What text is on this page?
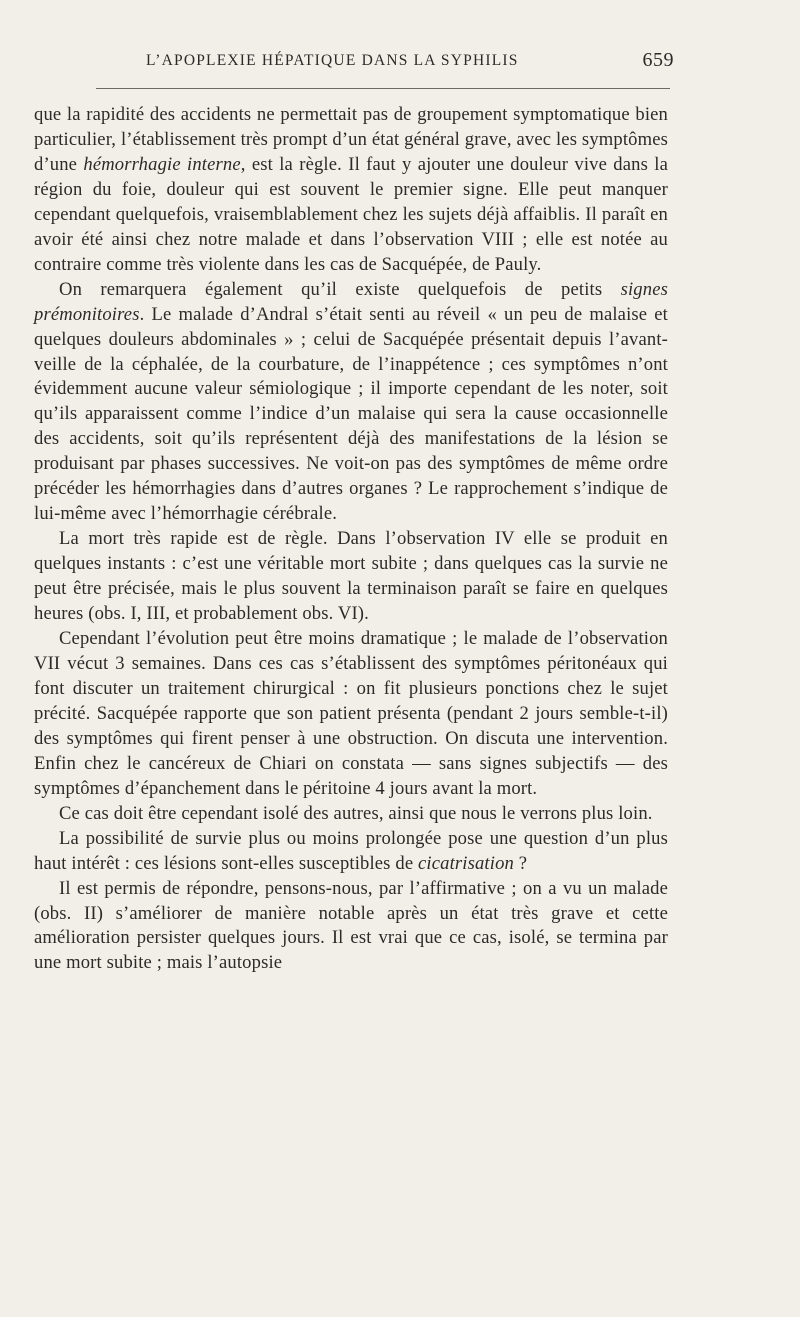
L’APOPLEXIE HÉPATIQUE DANS LA SYPHILIS	659

que la rapidité des accidents ne permettait pas de groupement symptomatique bien particulier, l’établissement très prompt d’un état général grave, avec les symptômes d’une hémorrhagie interne, est la règle. Il faut y ajouter une douleur vive dans la région du foie, douleur qui est souvent le premier signe. Elle peut manquer cependant quelquefois, vraisemblablement chez les sujets déjà affaiblis. Il paraît en avoir été ainsi chez notre malade et dans l’observation VIII ; elle est notée au contraire comme très violente dans les cas de Sacquépée, de Pauly.

On remarquera également qu’il existe quelquefois de petits signes prémonitoires. Le malade d’Andral s’était senti au réveil « un peu de malaise et quelques douleurs abdominales » ; celui de Sacquépée présentait depuis l’avant-veille de la céphalée, de la courbature, de l’inappétence ; ces symptômes n’ont évidemment aucune valeur sémiologique ; il importe cependant de les noter, soit qu’ils apparaissent comme l’indice d’un malaise qui sera la cause occasionnelle des accidents, soit qu’ils représentent déjà des manifestations de la lésion se produisant par phases successives. Ne voit-on pas des symptômes de même ordre précéder les hémorrhagies dans d’autres organes ? Le rapprochement s’indique de lui-même avec l’hémorrhagie cérébrale.

La mort très rapide est de règle. Dans l’observation IV elle se produit en quelques instants : c’est une véritable mort subite ; dans quelques cas la survie ne peut être précisée, mais le plus souvent la terminaison paraît se faire en quelques heures (obs. I, III, et probablement obs. VI).

Cependant l’évolution peut être moins dramatique ; le malade de l’observation VII vécut 3 semaines. Dans ces cas s’établissent des symptômes péritonéaux qui font discuter un traitement chirurgical : on fit plusieurs ponctions chez le sujet précité. Sacquépée rapporte que son patient présenta (pendant 2 jours semble-t-il) des symptômes qui firent penser à une obstruction. On discuta une intervention. Enfin chez le cancéreux de Chiari on constata — sans signes subjectifs — des symptômes d’épanchement dans le péritoine 4 jours avant la mort.

Ce cas doit être cependant isolé des autres, ainsi que nous le verrons plus loin.

La possibilité de survie plus ou moins prolongée pose une question d’un plus haut intérêt : ces lésions sont-elles susceptibles de cicatrisation ?

Il est permis de répondre, pensons-nous, par l’affirmative ; on a vu un malade (obs. II) s’améliorer de manière notable après un état très grave et cette amélioration persister quelques jours. Il est vrai que ce cas, isolé, se termina par une mort subite ; mais l’autopsie
